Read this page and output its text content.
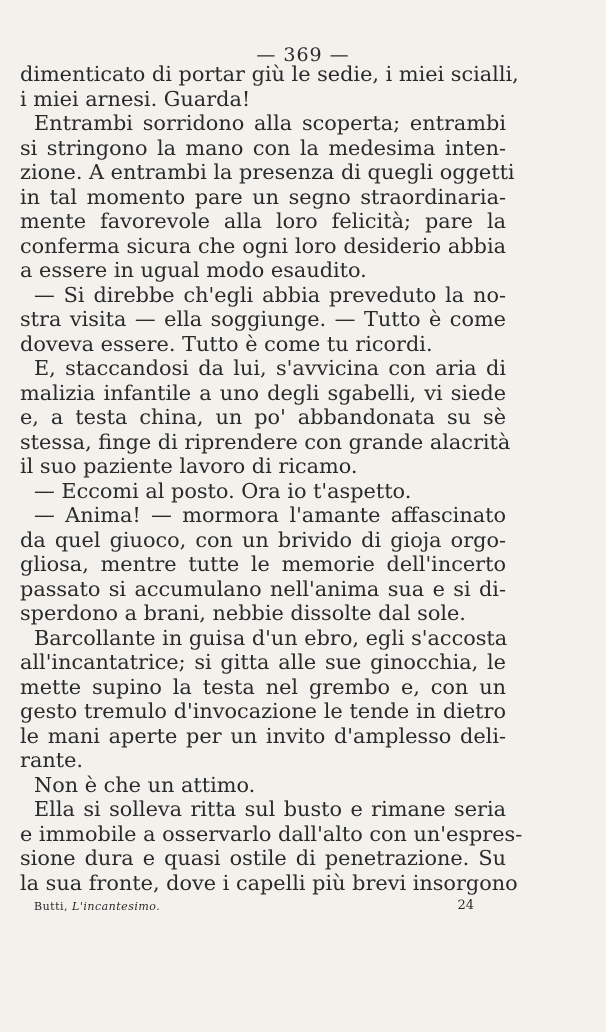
— 369 —
dimenticato di portar giù le sedie, i miei scialli,
i miei arnesi. Guarda!
Entrambi sorridono alla scoperta; entrambi
si stringono la mano con la medesima inten-
zione. A entrambi la presenza di quegli oggetti
in tal momento pare un segno straordinaria-
mente favorevole alla loro felicità; pare la
conferma sicura che ogni loro desiderio abbia
a essere in ugual modo esaudito.
— Si direbbe ch'egli abbia preveduto la no-
stra visita — ella soggiunge. — Tutto è come
doveva essere. Tutto è come tu ricordi.
E, staccandosi da lui, s'avvicina con aria di
malizia infantile a uno degli sgabelli, vi siede
e, a testa china, un po' abbandonata su sè
stessa, finge di riprendere con grande alacrità
il suo paziente lavoro di ricamo.
— Eccomi al posto. Ora io t'aspetto.
— Anima! — mormora l'amante affascinato
da quel giuoco, con un brivido di gioja orgo-
gliosa, mentre tutte le memorie dell'incerto
passato si accumulano nell'anima sua e si di-
sperdono a brani, nebbie dissolte dal sole.
Barcollante in guisa d'un ebro, egli s'accosta
all'incantatrice; si gitta alle sue ginocchia, le
mette supino la testa nel grembo e, con un
gesto tremulo d'invocazione le tende in dietro
le mani aperte per un invito d'amplesso deli-
rante.
Non è che un attimo.
Ella si solleva ritta sul busto e rimane seria
e immobile a osservarlo dall'alto con un'espres-
sione dura e quasi ostile di penetrazione. Su
la sua fronte, dove i capelli più brevi insorgono
Butti, L'incantesimo.	24
